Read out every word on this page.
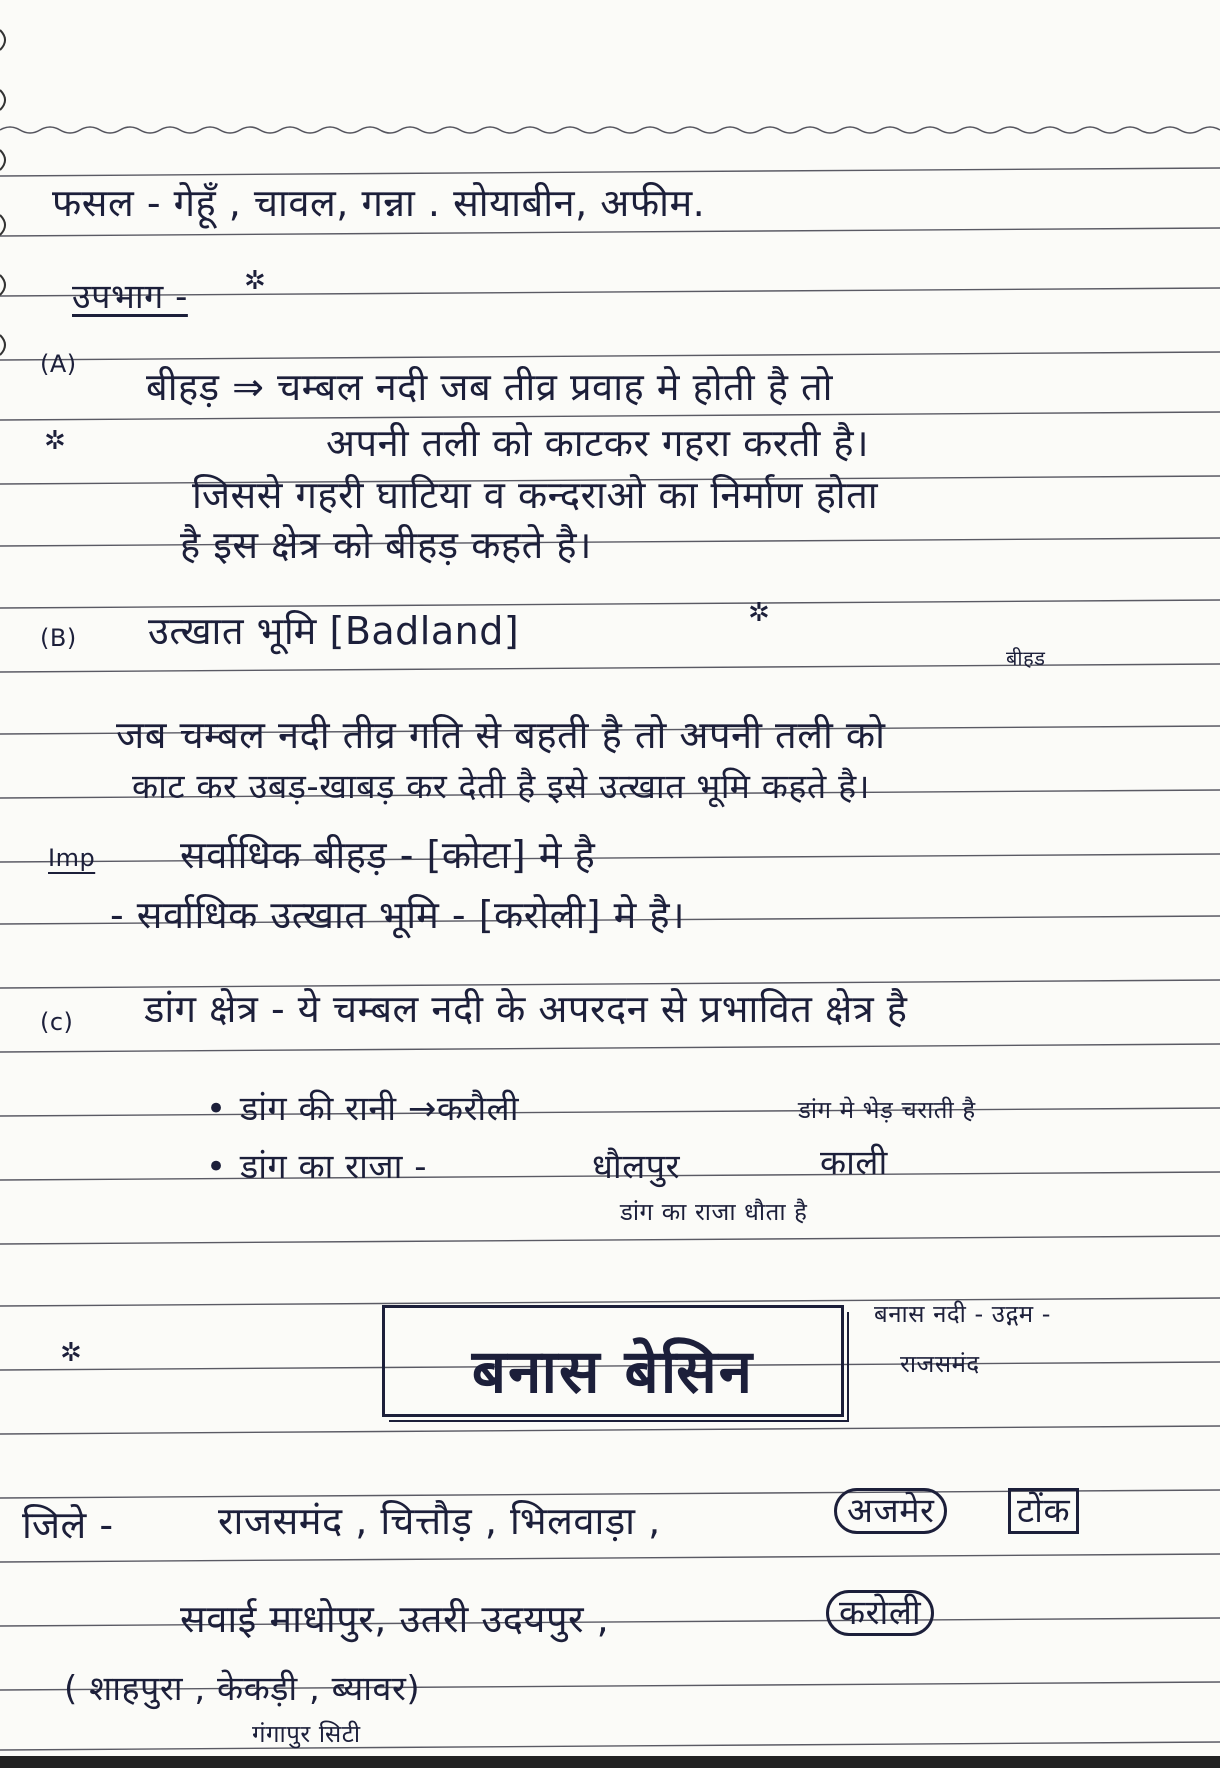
फसल - गेहूँ , चावल, गन्ना . सोयाबीन, अफीम.
उपभाग - ✲
(A)
✲
बीहड़ ⇒ चम्बल नदी जब तीव्र प्रवाह मे होती है तो
अपनी तली को काटकर गहरा करती है।
जिससे गहरी घाटिया व कन्दराओ का निर्माण होता
है इस क्षेत्र को बीहड़ कहते है।
(B) उत्खात भूमि [Badland]	✲
बीहड
जब चम्बल नदी तीव्र गति से बहती है तो अपनी तली को
काट कर उबड़-खाबड़ कर देती है इसे उत्खात भूमि कहते है।
Imp सर्वाधिक बीहड़ - [कोटा] मे है
- सर्वाधिक उत्खात भूमि - [करोली] मे है।
(c) डांग क्षेत्र - ये चम्बल नदी के अपरदन से प्रभावित क्षेत्र है
• डांग की रानी →करौली	डांग मे भेड़ चराती है
• डांग का राजा -	धौलपुर	काली
डांग का राजा धौता है
✲	बनास बेसिन
बनास नदी - उद्गम -
राजसमंद
जिले -	राजसमंद , चित्तौड़ , भिलवाड़ा ,	अजमेर	टोंक
सवाई माधोपुर, उतरी उदयपुर ,	करोली
( शाहपुरा , केकड़ी , ब्यावर)
गंगापुर सिटी
